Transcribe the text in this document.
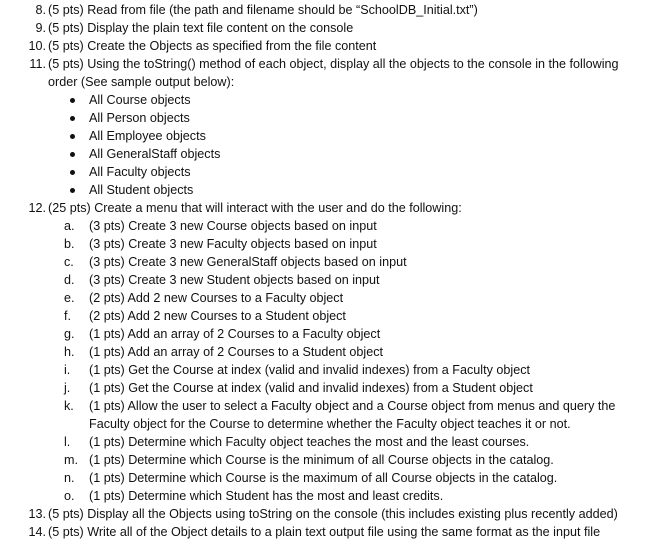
8. (5 pts) Read from file (the path and filename should be “SchoolDB_Initial.txt”)
9. (5 pts) Display the plain text file content on the console
10. (5 pts) Create the Objects as specified from the file content
11. (5 pts) Using the toString() method of each object, display all the objects to the console in the following
order (See sample output below):
All Course objects
All Person objects
All Employee objects
All GeneralStaff objects
All Faculty objects
All Student objects
12. (25 pts) Create a menu that will interact with the user and do the following:
a.	(3 pts) Create 3 new Course objects based on input
b.	(3 pts) Create 3 new Faculty objects based on input
c.	(3 pts) Create 3 new GeneralStaff objects based on input
d.	(3 pts) Create 3 new Student objects based on input
e.	(2 pts) Add 2 new Courses to a Faculty object
f.	(2 pts) Add 2 new Courses to a Student object
g.	(1 pts) Add an array of 2 Courses to a Faculty object
h.	(1 pts) Add an array of 2 Courses to a Student object
i.	(1 pts) Get the Course at index (valid and invalid indexes) from a Faculty object
j.	(1 pts) Get the Course at index (valid and invalid indexes) from a Student object
k.	(1 pts) Allow the user to select a Faculty object and a Course object from menus and query the
Faculty object for the Course to determine whether the Faculty object teaches it or not.
l.	(1 pts) Determine which Faculty object teaches the most and the least courses.
m. (1 pts) Determine which Course is the minimum of all Course objects in the catalog.
n.	(1 pts) Determine which Course is the maximum of all Course objects in the catalog.
o.	(1 pts) Determine which Student has the most and least credits.
13. (5 pts) Display all the Objects using toString on the console (this includes existing plus recently added)
14. (5 pts) Write all of the Object details to a plain text output file using the same format as the input file
